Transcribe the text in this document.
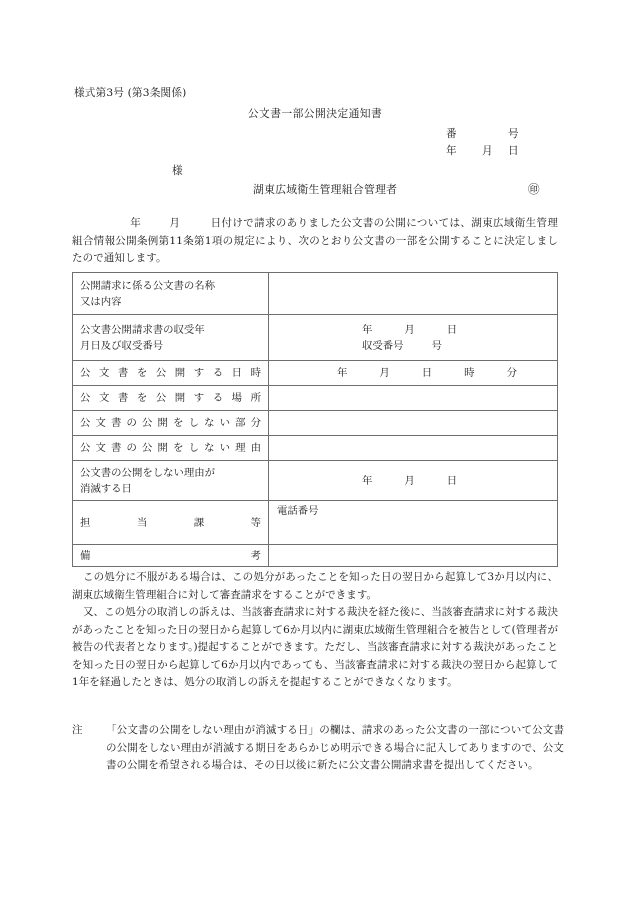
様式第3号 (第3条関係)
公文書一部公開決定通知書
番	号
年 月 日
様
湖東広域衛生管理組合管理者	㊞
年	月	日付けで請求のありました公文書の公開については、湖東広域衛生管理組合情報公開条例第11条第1項の規定により、次のとおり公文書の一部を公開することに決定しましたので通知します。
公開請求に係る公文書の名称
又は内容	

公文書公開請求書の収受年
月日及び収受番号

年	月	日
収受番号	号

公文書を公開する日時	年 月 日 時 分

公文書を公開する場所	

公文書の公開をしない部分	

公文書の公開をしない理由	

公文書の公開をしない理由が
消滅する日	年 月 日

担当課等	電話番号

備考	

この処分に不服がある場合は、この処分があったことを知った日の翌日から起算して3か月以内に、湖東広域衛生管理組合に対して審査請求をすることができます。
又、この処分の取消しの訴えは、当該審査請求に対する裁決を経た後に、当該審査請求に対する裁決があったことを知った日の翌日から起算して6か月以内に湖東広域衛生管理組合を被告として(管理者が被告の代表者となります。)提起することができます。ただし、当該審査請求に対する裁決があったことを知った日の翌日から起算して6か月以内であっても、当該審査請求に対する裁決の翌日から起算して1年を経過したときは、処分の取消しの訴えを提起することができなくなります。
注	「公文書の公開をしない理由が消滅する日」の欄は、請求のあった公文書の一部について公文書の公開をしない理由が消滅する期日をあらかじめ明示できる場合に記入してありますので、公文書の公開を希望される場合は、その日以後に新たに公文書公開請求書を提出してください。
